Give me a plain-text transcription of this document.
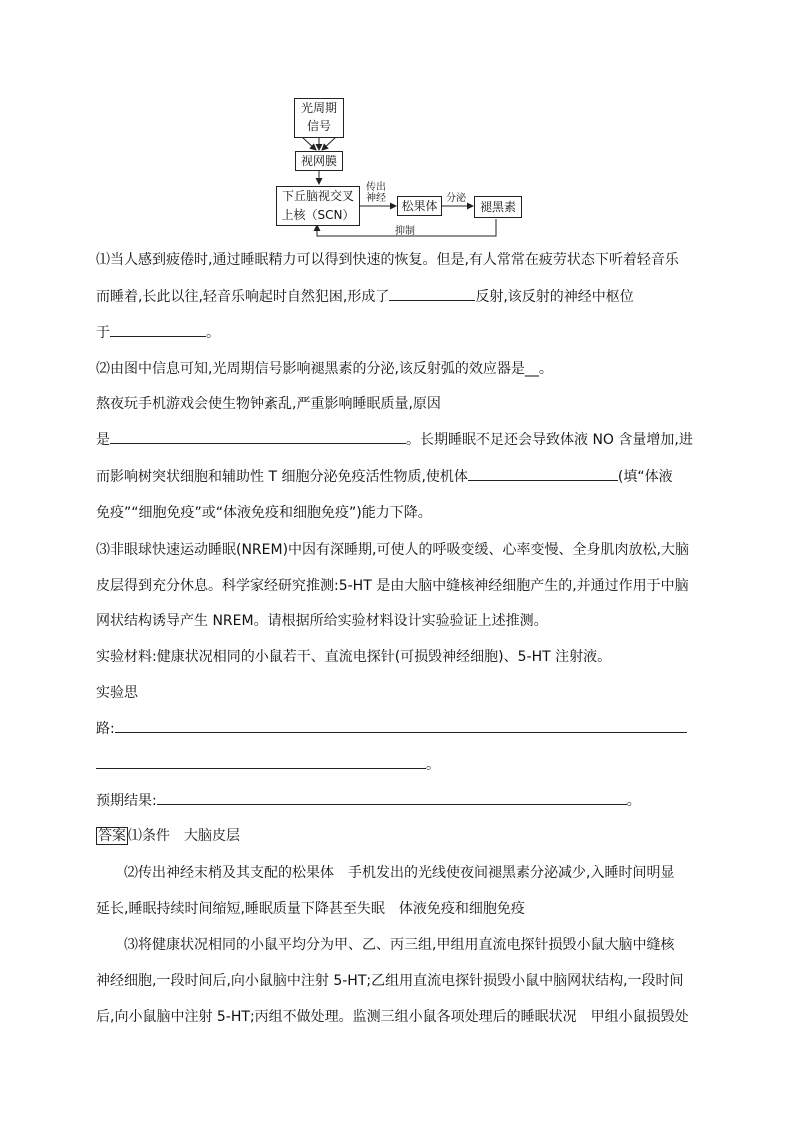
光周期
信号
视网膜
下丘脑视交叉
上核（SCN）
松果体	褪黑素
传出
神经	分泌
抑制
⑴当人感到疲倦时,通过睡眠精力可以得到快速的恢复。但是,有人常常在疲劳状态下听着轻音乐
而睡着,长此以往,轻音乐响起时自然犯困,形成了	反射,该反射的神经中枢位
于	。
⑵由图中信息可知,光周期信号影响褪黑素的分泌,该反射弧的效应器是__。
熬夜玩手机游戏会使生物钟紊乱,严重影响睡眠质量,原因
是	。长期睡眠不足还会导致体液 NO 含量增加,进
而影响树突状细胞和辅助性 T 细胞分泌免疫活性物质,使机体	(填“体液
免疫”“细胞免疫”或“体液免疫和细胞免疫”)能力下降。
⑶非眼球快速运动睡眠(NREM)中因有深睡期,可使人的呼吸变缓、心率变慢、全身肌肉放松,大脑
皮层得到充分休息。科学家经研究推测:5-HT 是由大脑中缝核神经细胞产生的,并通过作用于中脑
网状结构诱导产生 NREM。请根据所给实验材料设计实验验证上述推测。
实验材料:健康状况相同的小鼠若干、直流电探针(可损毁神经细胞)、5-HT 注射液。
实验思
路:
。
预期结果:	。
答案 ⑴条件　大脑皮层
⑵传出神经末梢及其支配的松果体　手机发出的光线使夜间褪黑素分泌减少,入睡时间明显
延长,睡眠持续时间缩短,睡眠质量下降甚至失眠　体液免疫和细胞免疫
⑶将健康状况相同的小鼠平均分为甲、乙、丙三组,甲组用直流电探针损毁小鼠大脑中缝核
神经细胞,一段时间后,向小鼠脑中注射 5-HT;乙组用直流电探针损毁小鼠中脑网状结构,一段时间
后,向小鼠脑中注射 5-HT;丙组不做处理。监测三组小鼠各项处理后的睡眠状况　甲组小鼠损毁处
